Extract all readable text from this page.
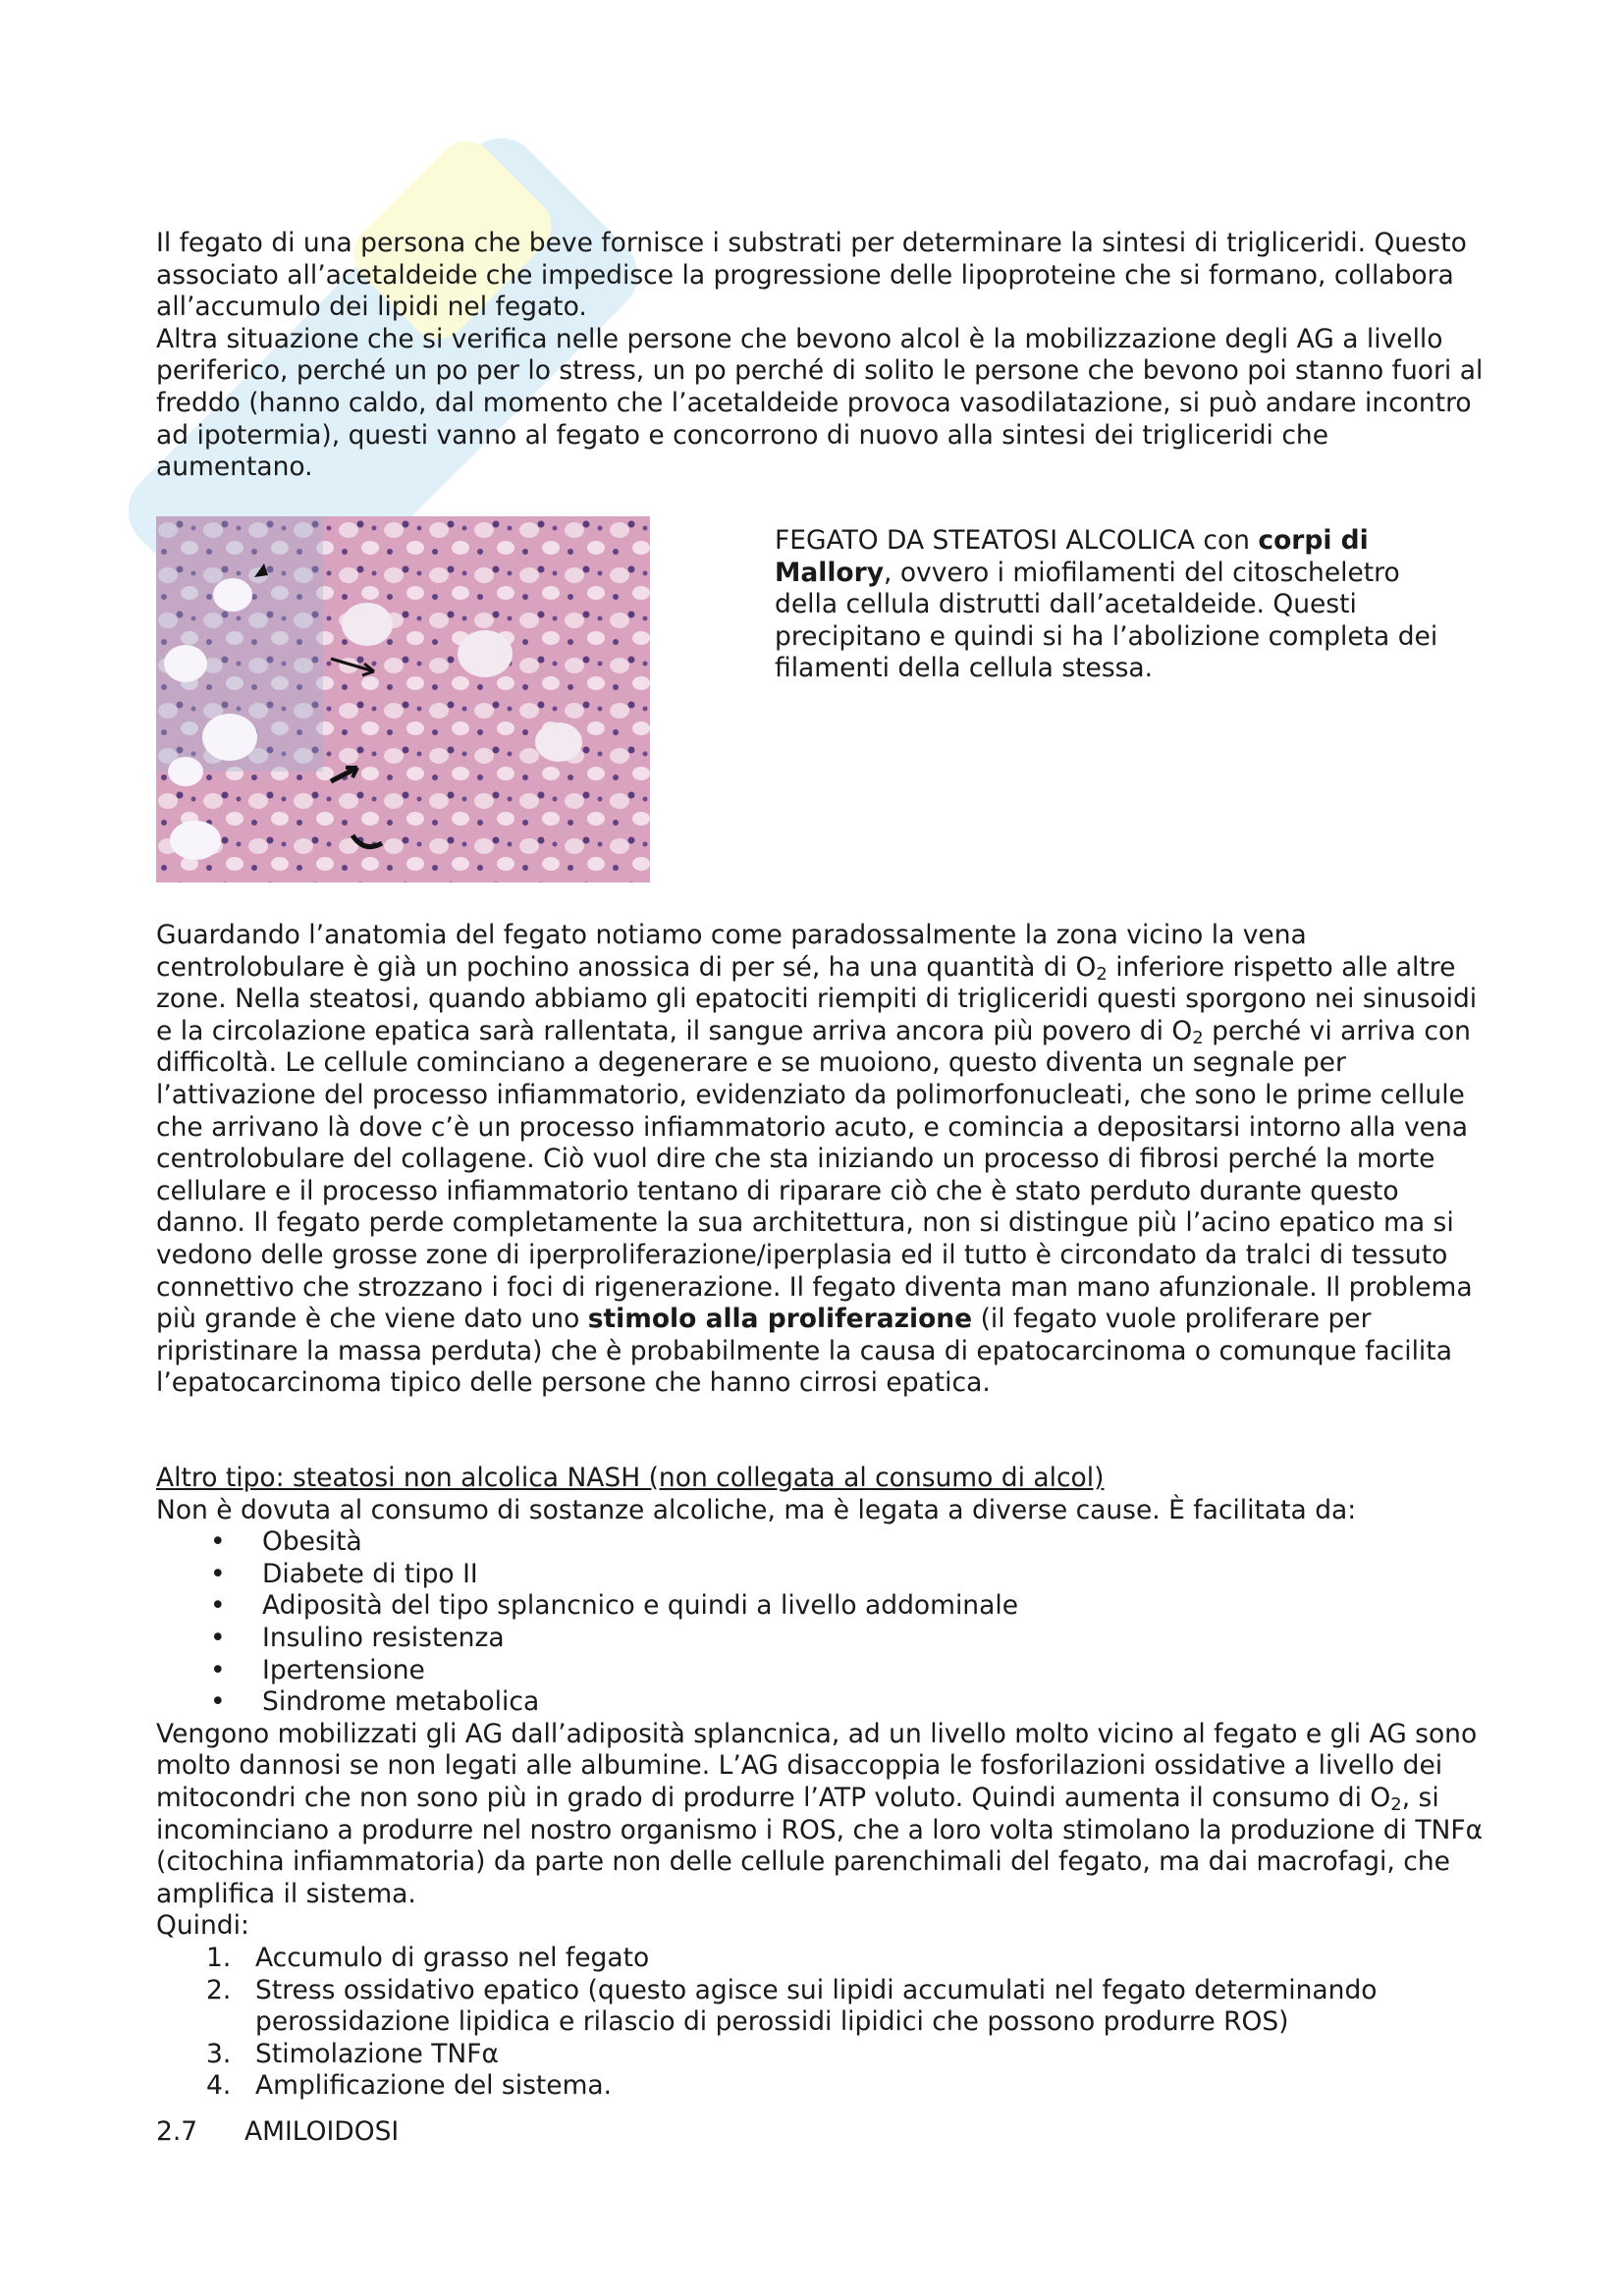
Il fegato di una persona che beve fornisce i substrati per determinare la sintesi di trigliceridi. Questo associato all’acetaldeide che impedisce la progressione delle lipoproteine che si formano, collabora all’accumulo dei lipidi nel fegato.

Altra situazione che si verifica nelle persone che bevono alcol è la mobilizzazione degli AG a livello periferico, perché un po per lo stress, un po perché di solito le persone che bevono poi stanno fuori al freddo (hanno caldo, dal momento che l’acetaldeide provoca vasodilatazione, si può andare incontro ad ipotermia), questi vanno al fegato e concorrono di nuovo alla sintesi dei trigliceridi che aumentano.

FEGATO DA STEATOSI ALCOLICA con corpi di Mallory, ovvero i miofilamenti del citoscheletro della cellula distrutti dall’acetaldeide. Questi precipitano e quindi si ha l’abolizione completa dei filamenti della cellula stessa.

Guardando l’anatomia del fegato notiamo come paradossalmente la zona vicino la vena centrolobulare è già un pochino anossica di per sé, ha una quantità di $O_2$ inferiore rispetto alle altre zone. Nella steatosi, quando abbiamo gli epatociti riempiti di trigliceridi questi sporgono nei sinusoidi e la circolazione epatica sarà rallentata, il sangue arriva ancora più povero di $O_2$ perché vi arriva con difficoltà. Le cellule cominciano a degenerare e se muoiono, questo diventa un segnale per l’attivazione del processo infiammatorio, evidenziato da polimorfonucleati, che sono le prime cellule che arrivano là dove c’è un processo infiammatorio acuto, e comincia a depositarsi intorno alla vena centrolobulare del collagene. Ciò vuol dire che sta iniziando un processo di fibrosi perché la morte cellulare e il processo infiammatorio tentano di riparare ciò che è stato perduto durante questo danno. Il fegato perde completamente la sua architettura, non si distingue più l’acino epatico ma si vedono delle grosse zone di iperproliferazione/iperplasia ed il tutto è circondato da tralci di tessuto connettivo che strozzano i foci di rigenerazione. Il fegato diventa man mano afunzionale. Il problema più grande è che viene dato uno stimolo alla proliferazione (il fegato vuole proliferare per ripristinare la massa perduta) che è probabilmente la causa di epatocarcinoma o comunque facilita l’epatocarcinoma tipico delle persone che hanno cirrosi epatica.

Altro tipo: steatosi non alcolica NASH (non collegata al consumo di alcol)

Non è dovuta al consumo di sostanze alcoliche, ma è legata a diverse cause. È facilitata da:

• Obesità
• Diabete di tipo II
• Adiposità del tipo splancnico e quindi a livello addominale
• Insulino resistenza
• Ipertensione
• Sindrome metabolica

Vengono mobilizzati gli AG dall’adiposità splancnica, ad un livello molto vicino al fegato e gli AG sono molto dannosi se non legati alle albumine. L’AG disaccoppia le fosforilazioni ossidative a livello dei mitocondri che non sono più in grado di produrre l’ATP voluto. Quindi aumenta il consumo di $O_2$, si incominciano a produrre nel nostro organismo i ROS, che a loro volta stimolano la produzione di TNFα (citochina infiammatoria) da parte non delle cellule parenchimali del fegato, ma dai macrofagi, che amplifica il sistema.

Quindi:

1. Accumulo di grasso nel fegato
2. Stress ossidativo epatico (questo agisce sui lipidi accumulati nel fegato determinando perossidazione lipidica e rilascio di perossidi lipidici che possono produrre ROS)
3. Stimolazione TNFα
4. Amplificazione del sistema.

2.7 AMILOIDOSI
